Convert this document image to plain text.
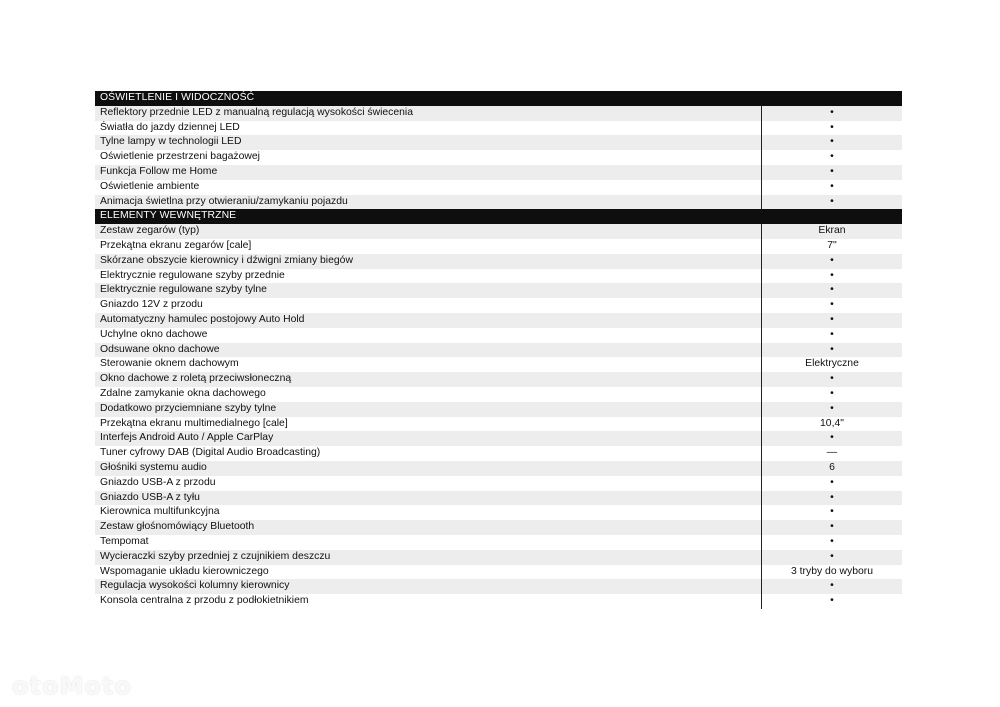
OŚWIETLENIE I WIDOCZNOŚĆ
Reflektory przednie LED z manualną regulacją wysokości świecenia	•
Światła do jazdy dziennej LED	•
Tylne lampy w technologii LED	•
Oświetlenie przestrzeni bagażowej	•
Funkcja Follow me Home	•
Oświetlenie ambiente	•
Animacja świetlna przy otwieraniu/zamykaniu pojazdu	•
ELEMENTY WEWNĘTRZNE
Zestaw zegarów (typ)	Ekran
Przekątna ekranu zegarów [cale]	7"
Skórzane obszycie kierownicy i dźwigni zmiany biegów	•
Elektrycznie regulowane szyby przednie	•
Elektrycznie regulowane szyby tylne	•
Gniazdo 12V z przodu	•
Automatyczny hamulec postojowy Auto Hold	•
Uchylne okno dachowe	•
Odsuwane okno dachowe	•
Sterowanie oknem dachowym	Elektryczne
Okno dachowe z roletą przeciwsłoneczną	•
Zdalne zamykanie okna dachowego	•
Dodatkowo przyciemniane szyby tylne	•
Przekątna ekranu multimedialnego [cale]	10,4"
Interfejs Android Auto / Apple CarPlay	•
Tuner cyfrowy DAB (Digital Audio Broadcasting)	—
Głośniki systemu audio	6
Gniazdo USB-A z przodu	•
Gniazdo USB-A z tyłu	•
Kierownica multifunkcyjna	•
Zestaw głośnomówiący Bluetooth	•
Tempomat	•
Wycieraczki szyby przedniej z czujnikiem deszczu	•
Wspomaganie układu kierowniczego	3 tryby do wyboru
Regulacja wysokości kolumny kierownicy	•
Konsola centralna z przodu z podłokietnikiem	•
otoMoto
